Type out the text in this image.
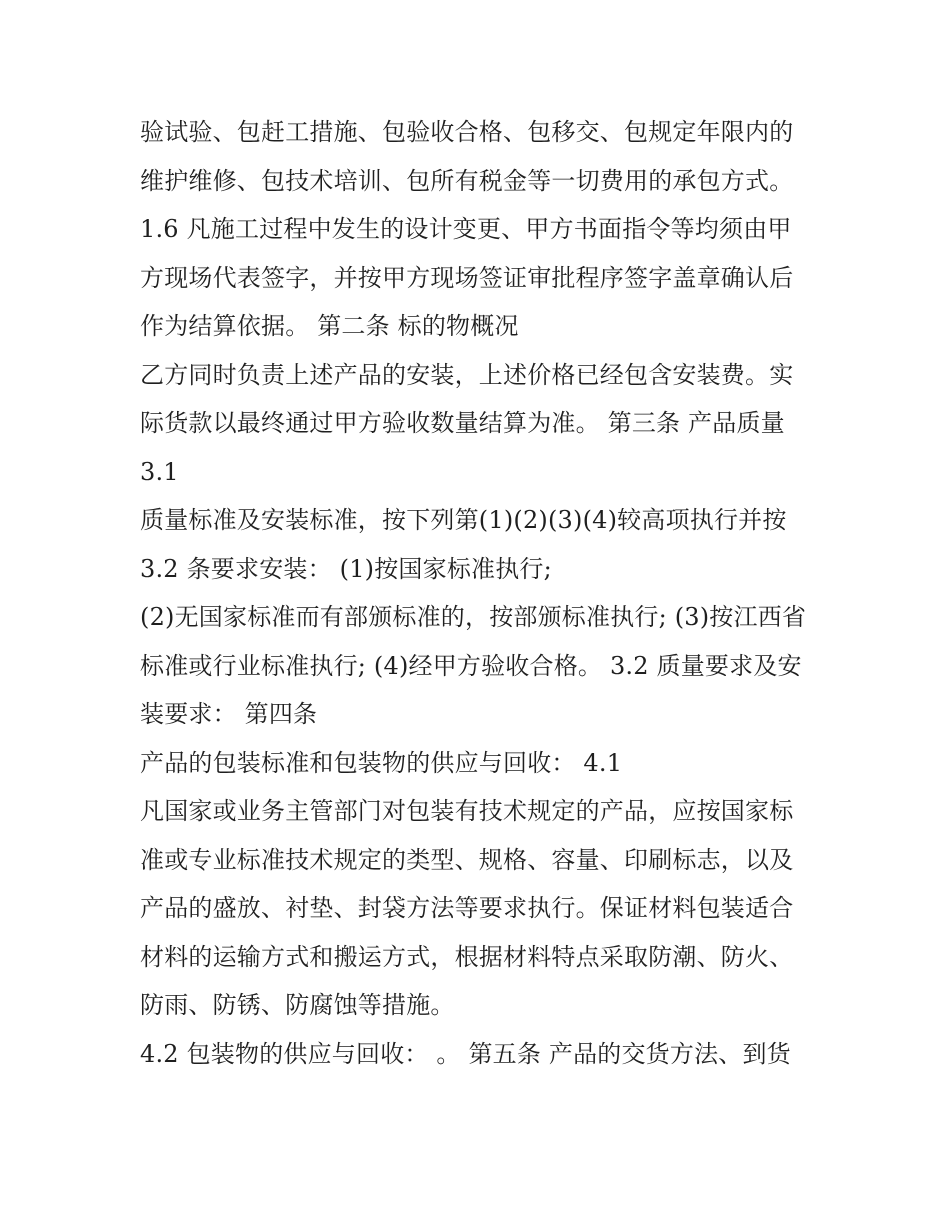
验试验、包赶工措施、包验收合格、包移交、包规定年限内的
维护维修、包技术培训、包所有税金等一切费用的承包方式。
1.6 凡施工过程中发生的设计变更、甲方书面指令等均须由甲
方现场代表签字，并按甲方现场签证审批程序签字盖章确认后
作为结算依据。 第二条 标的物概况
乙方同时负责上述产品的安装，上述价格已经包含安装费。实
际货款以最终通过甲方验收数量结算为准。 第三条 产品质量
3.1
质量标准及安装标准，按下列第(1)(2)(3)(4)较高项执行并按
3.2 条要求安装： (1)按国家标准执行;
(2)无国家标准而有部颁标准的，按部颁标准执行; (3)按江西省
标准或行业标准执行; (4)经甲方验收合格。 3.2 质量要求及安
装要求： 第四条
产品的包装标准和包装物的供应与回收： 4.1
凡国家或业务主管部门对包装有技术规定的产品，应按国家标
准或专业标准技术规定的类型、规格、容量、印刷标志，以及
产品的盛放、衬垫、封袋方法等要求执行。保证材料包装适合
材料的运输方式和搬运方式，根据材料特点采取防潮、防火、
防雨、防锈、防腐蚀等措施。
4.2 包装物的供应与回收： 。 第五条 产品的交货方法、到货
